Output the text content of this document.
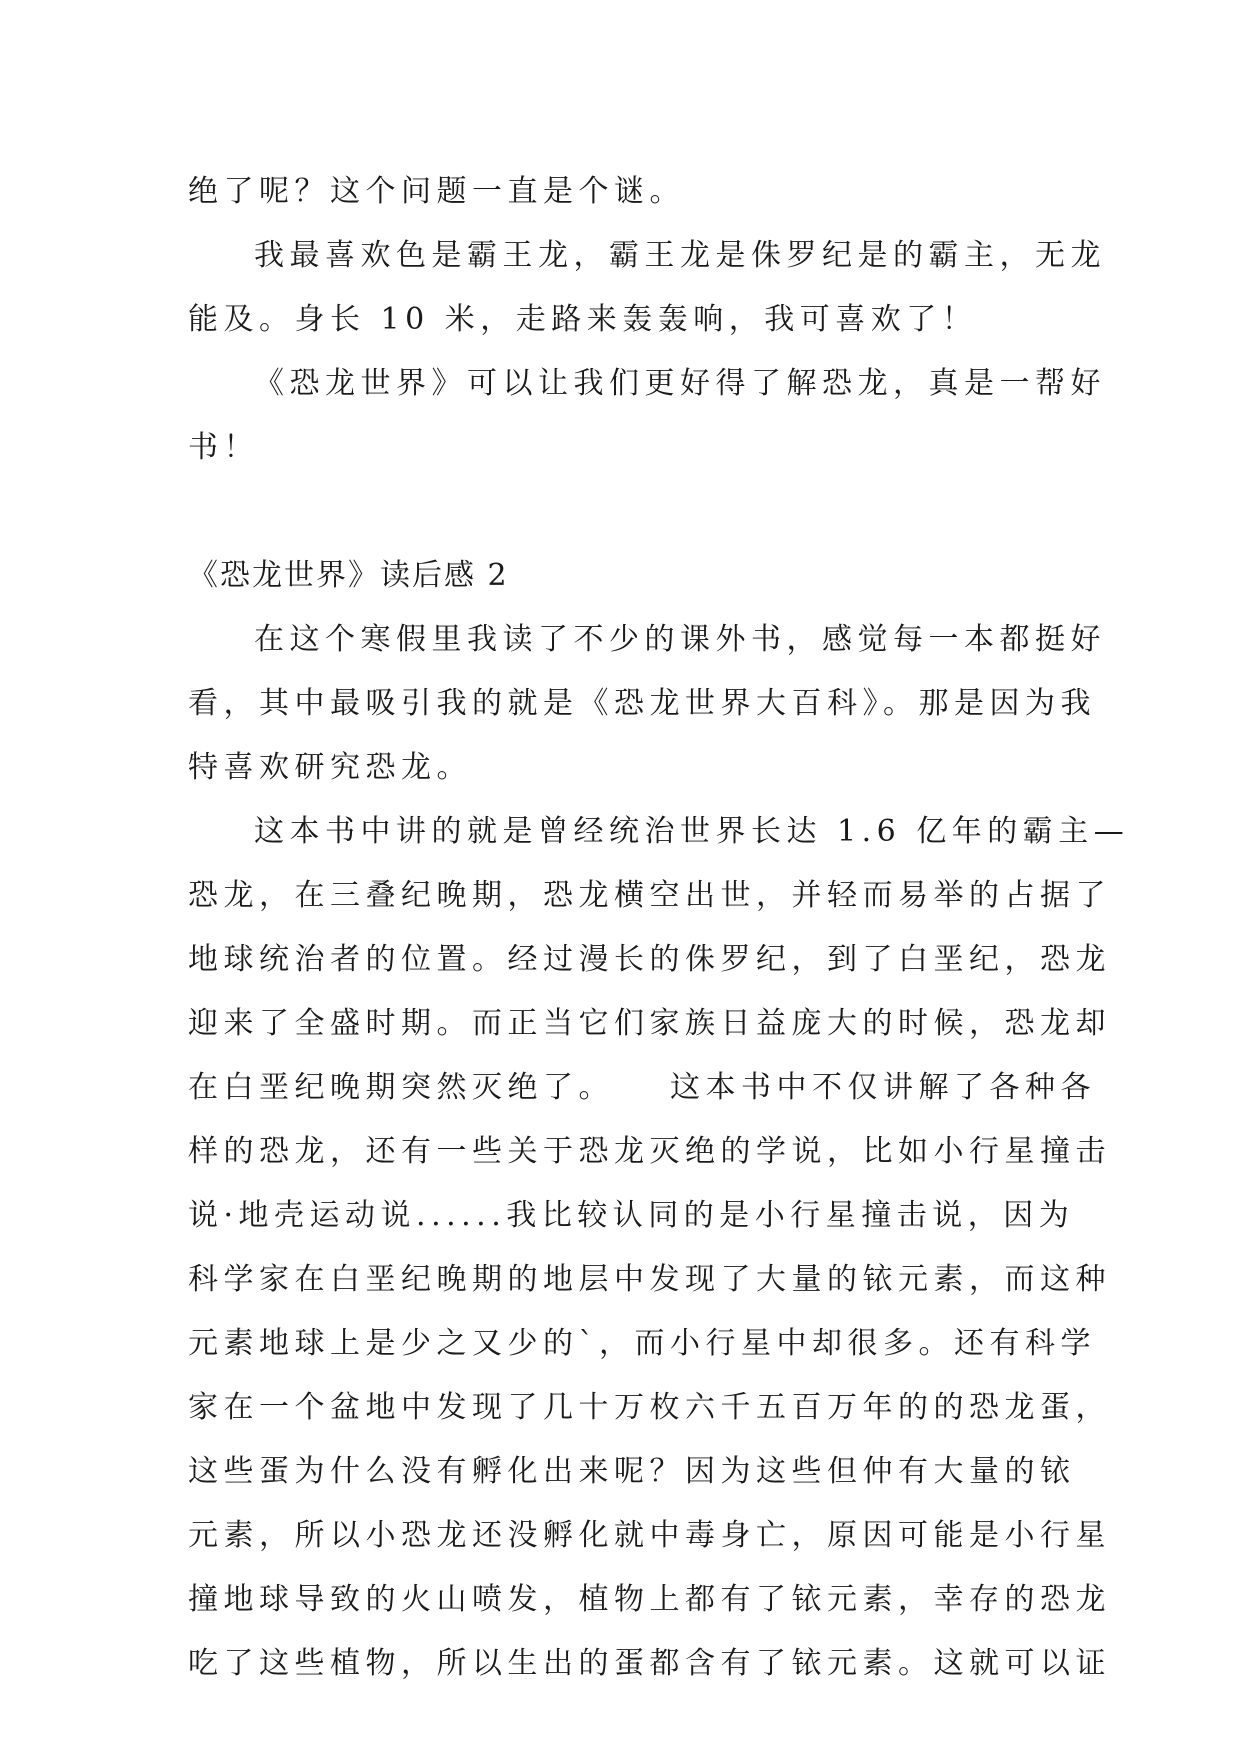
绝了呢？这个问题一直是个谜。

我最喜欢色是霸王龙，霸王龙是侏罗纪是的霸主，无龙

能及。身长 10 米，走路来轰轰响，我可喜欢了！

《恐龙世界》可以让我们更好得了解恐龙，真是一帮好

书！

《恐龙世界》读后感 2

在这个寒假里我读了不少的课外书，感觉每一本都挺好

看，其中最吸引我的就是《恐龙世界大百科》。那是因为我

特喜欢研究恐龙。

这本书中讲的就是曾经统治世界长达 1.6 亿年的霸主—

恐龙，在三叠纪晚期，恐龙横空出世，并轻而易举的占据了

地球统治者的位置。经过漫长的侏罗纪，到了白垩纪，恐龙

迎来了全盛时期。而正当它们家族日益庞大的时候，恐龙却

在白垩纪晚期突然灭绝了。　　这本书中不仅讲解了各种各

样的恐龙，还有一些关于恐龙灭绝的学说，比如小行星撞击

说·地壳运动说......我比较认同的是小行星撞击说，因为

科学家在白垩纪晚期的地层中发现了大量的铱元素，而这种

元素地球上是少之又少的`，而小行星中却很多。还有科学

家在一个盆地中发现了几十万枚六千五百万年的的恐龙蛋，

这些蛋为什么没有孵化出来呢？因为这些但仲有大量的铱

元素，所以小恐龙还没孵化就中毒身亡，原因可能是小行星

撞地球导致的火山喷发，植物上都有了铱元素，幸存的恐龙

吃了这些植物，所以生出的蛋都含有了铱元素。这就可以证
